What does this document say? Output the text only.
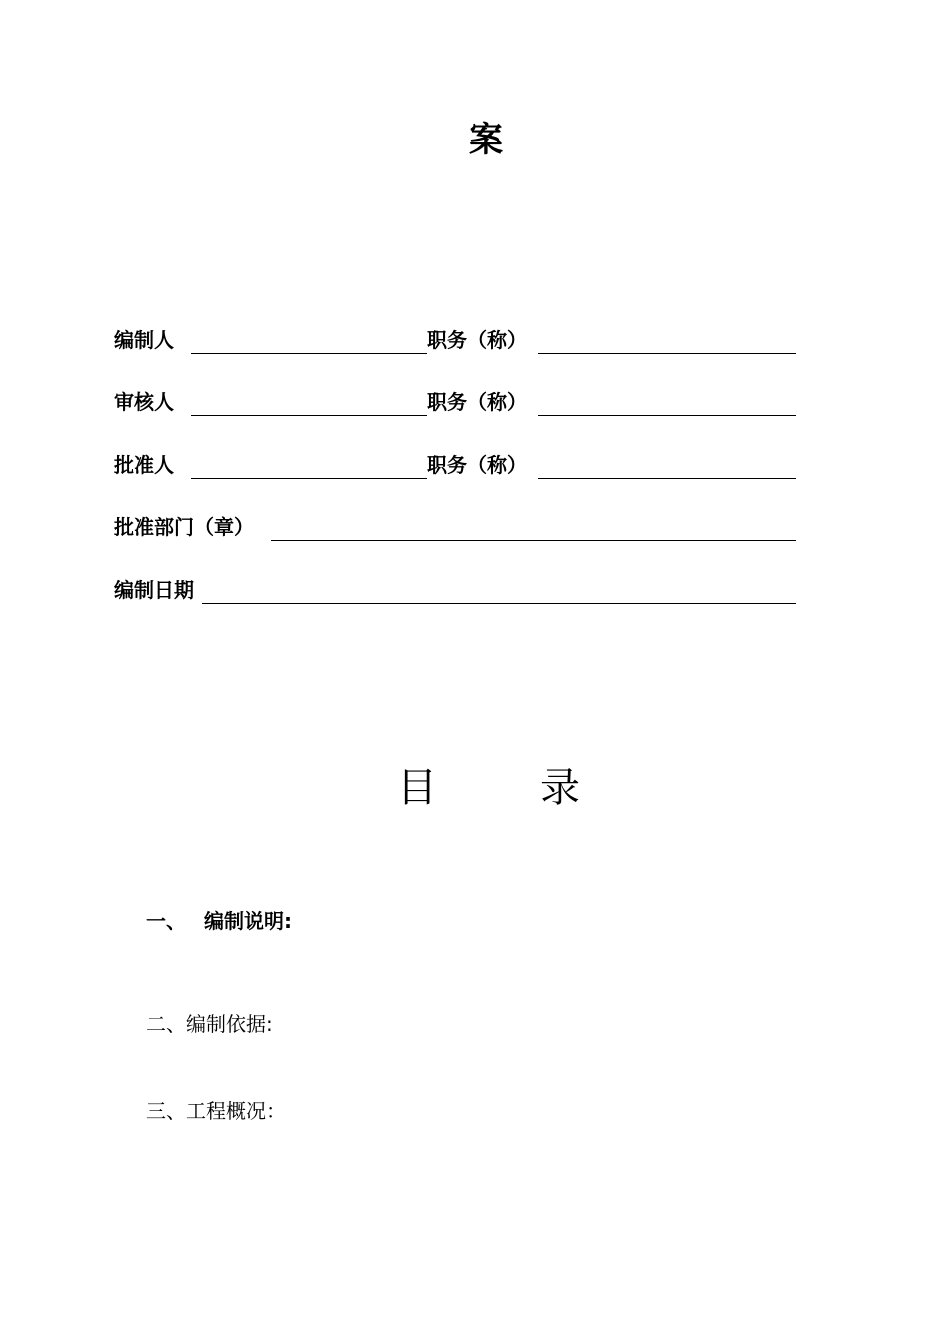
案
编制人	职务（称）
审核人	职务（称）
批准人	职务（称）
批准部门（章）
编制日期
目	录
一、 编制说明:
二、编制依据:
三、工程概况：
